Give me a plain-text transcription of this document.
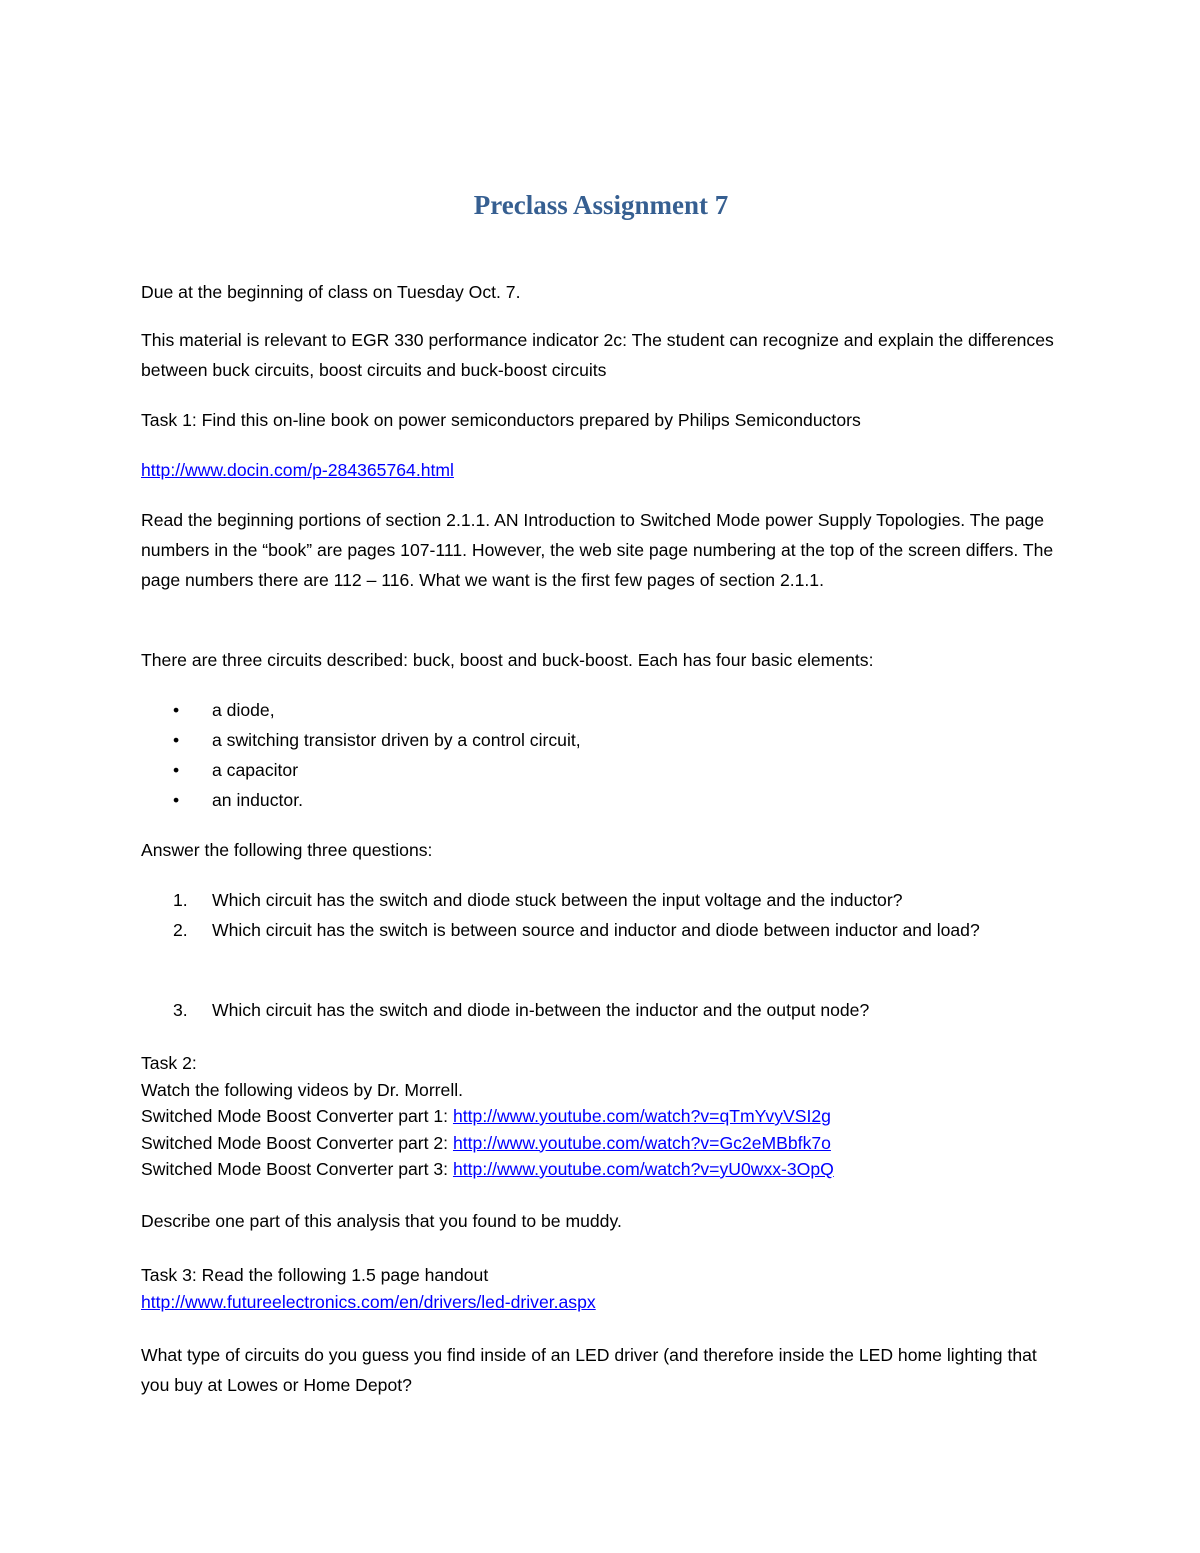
Preclass Assignment 7

Due at the beginning of class on Tuesday Oct. 7.

This material is relevant to EGR 330 performance indicator 2c: The student can recognize and explain the differences between buck circuits, boost circuits and buck-boost circuits

Task 1: Find this on-line book on power semiconductors prepared by Philips Semiconductors

http://www.docin.com/p-284365764.html

Read the beginning portions of section 2.1.1. AN Introduction to Switched Mode power Supply Topologies. The page numbers in the “book” are pages 107-111. However, the web site page numbering at the top of the screen differs. The page numbers there are 112 – 116. What we want is the first few pages of section 2.1.1.

There are three circuits described: buck, boost and buck-boost. Each has four basic elements:

• a diode,
• a switching transistor driven by a control circuit,
• a capacitor
• an inductor.

Answer the following three questions:

1. Which circuit has the switch and diode stuck between the input voltage and the inductor?
2. Which circuit has the switch is between source and inductor and diode between inductor and load?
3. Which circuit has the switch and diode in-between the inductor and the output node?
Task 2:
Watch the following videos by Dr. Morrell.
Switched Mode Boost Converter part 1: http://www.youtube.com/watch?v=qTmYvyVSI2g
Switched Mode Boost Converter part 2: http://www.youtube.com/watch?v=Gc2eMBbfk7o
Switched Mode Boost Converter part 3: http://www.youtube.com/watch?v=yU0wxx-3OpQ

Describe one part of this analysis that you found to be muddy.

Task 3: Read the following 1.5 page handout
http://www.futureelectronics.com/en/drivers/led-driver.aspx

What type of circuits do you guess you find inside of an LED driver (and therefore inside the LED home lighting that you buy at Lowes or Home Depot?
